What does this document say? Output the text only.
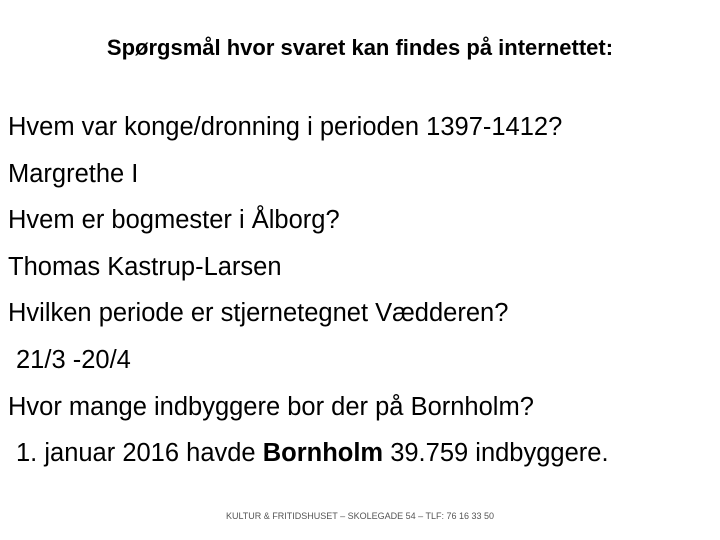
Spørgsmål hvor svaret kan findes på internettet:
Hvem var konge/dronning i perioden 1397-1412?
Margrethe I
Hvem er bogmester i Ålborg?
Thomas Kastrup-Larsen
Hvilken periode er stjernetegnet Vædderen?
21/3 -20/4
Hvor mange indbyggere bor der på Bornholm?
1. januar 2016 havde Bornholm 39.759 indbyggere.
KULTUR & FRITIDSHUSET – SKOLEGADE 54 – TLF: 76 16 33 50
